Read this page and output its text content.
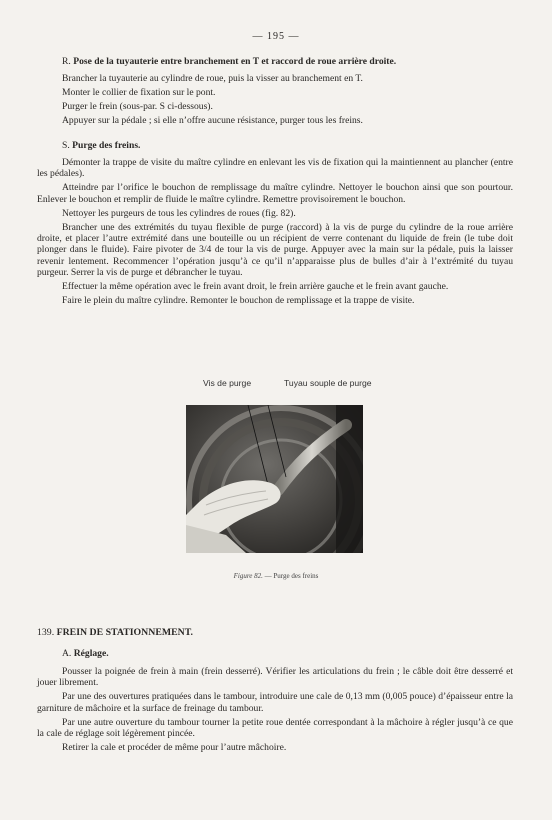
— 195 —
R. Pose de la tuyauterie entre branchement en T et raccord de roue arrière droite.

Brancher la tuyauterie au cylindre de roue, puis la visser au branchement en T.

Monter le collier de fixation sur le pont.

Purger le frein (sous-par. S ci-dessous).

Appuyer sur la pédale ; si elle n’offre aucune résistance, purger tous les freins.

S. Purge des freins.

Démonter la trappe de visite du maître cylindre en enlevant les vis de fixation qui la maintiennent au plancher (entre les pédales).

Atteindre par l’orifice le bouchon de remplissage du maître cylindre. Nettoyer le bouchon ainsi que son pourtour. Enlever le bouchon et remplir de fluide le maître cylindre. Remettre provisoirement le bouchon.

Nettoyer les purgeurs de tous les cylindres de roues (fig. 82).

Brancher une des extrémités du tuyau flexible de purge (raccord) à la vis de purge du cylindre de la roue arrière droite, et placer l’autre extrémité dans une bouteille ou un récipient de verre contenant du liquide de frein (le tube doit plonger dans le fluide). Faire pivoter de 3/4 de tour la vis de purge. Appuyer avec la main sur la pédale, puis la laisser revenir lentement. Recommencer l’opération jusqu’à ce qu’il n’apparaisse plus de bulles d’air à l’extrémité du tuyau purgeur. Serrer la vis de purge et débrancher le tuyau.

Effectuer la même opération avec le frein avant droit, le frein arrière gauche et le frein avant gauche.

Faire le plein du maître cylindre. Remonter le bouchon de remplissage et la trappe de visite.

Vis de purge	Tuyau souple de purge
Figure 82. — Purge des freins
139. FREIN DE STATIONNEMENT.
A. Réglage.

Pousser la poignée de frein à main (frein desserré). Vérifier les articulations du frein ; le câble doit être desserré et jouer librement.

Par une des ouvertures pratiquées dans le tambour, introduire une cale de 0,13 mm (0,005 pouce) d’épaisseur entre la garniture de mâchoire et la surface de freinage du tambour.

Par une autre ouverture du tambour tourner la petite roue dentée correspondant à la mâchoire à régler jusqu’à ce que la cale de réglage soit légèrement pincée.

Retirer la cale et procéder de même pour l’autre mâchoire.
